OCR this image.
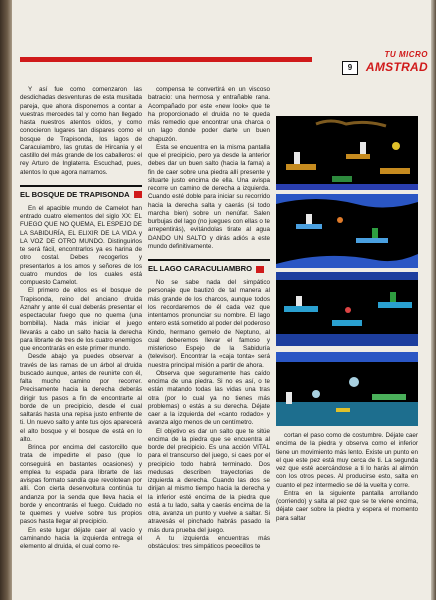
TU MICRO
9	AMSTRAD

Y así fue como comenzaron las desdichadas desventuras de esta musitada pareja, que ahora disponemos a contar a vuestras mercedes tal y como han llegado hasta nuestros atentos oídos, y como conocieron lugares tan dispares como el bosque de Trapisonda, los lagos de Caracuiambro, las grutas de Hircania y el castillo del más grande de los caballeros: el rey Arturo de Inglaterra. Escuchad, pues, atentos lo que agora narramos.

EL BOSQUE DE TRAPISONDA

En el apacible mundo de Camelot han entrado cuatro elementos del siglo XX: EL FUEGO QUE NO QUEMA, EL ESPEJO DE LA SABIDURÍA, EL ELIXIR DE LA VIDA y LA VOZ DE OTRO MUNDO. Distinguirlos te será fácil, encontrarlos ya es harina de otro costal. Debes recogerlos y presentarlos a los amos y señores de los cuatro mundos de los cuales está compuesto Camelot.

El primero de ellos es el bosque de Trapisonda, reino del anciano druida Aznahr y ante él cual deberás presentar el espectacular fuego que no quema (una bombilla). Nada más iniciar el juego llevarás a cabo un salto hacia la derecha para librarte de tres de los cuatro enemigos que encontrarás en este primer mundo.

Desde abajo ya puedes observar a través de las ramas de un árbol al druida buscado aunque, antes de reunirte con él, falta mucho camino por recorrer. Precisamente hacia la derecha deberás dirigir tus pasos a fin de encontrarte al borde de un precipicio, desde el cual saltarás hasta una repisa justo enfrente de ti. Un nuevo salto y ante tus ojos aparecerá el alto bosque y el bosque de está en lo alto.

Brinca por encima del castorcillo que trata de impedirte el paso (que lo conseguirá en bastantes ocasiones) y emplea tu espada para librarte de las avispas formato sandía que revolotean por allí. Con cierta desenvoltura continúa tu andanza por la senda que lleva hacia el borde y encontrarás el fuego. Cuidado no te quemes y vuelve sobre tus propios pasos hasta llegar al precipicio.

En este lugar déjate caer al vacío y caminando hacia la izquierda entrega el elemento al druida, el cual como re-

compensa te convertirá en un viscoso batracio: una hermosa y entrañable rana. Acompañado por este «new look» que te ha proporcionado el druida no te queda más remedio que encontrar una charca o un lago donde poder darte un buen chapuzón.

Esta se encuentra en la misma pantalla que el precipicio, pero ya desde la anterior debes dar un buen salto (hacia la fama) a fin de caer sobre una piedra allí presente y situarte justo encima de ella. Una avispa recorre un camino de derecha a izquierda. Cuando esté doble para iniciar su recorrido hacia la derecha salta y caerás (si todo marcha bien) sobre un nenúfar. Salen burbujas del lago (no juegues con ellas o te arrepentirás), evitándolas tirate al agua DANDO UN SALTO y dirás adiós a este mundo definitivamente.

EL LAGO CARACULIAMBRO

No se sabe nada del simpático personaje que bautizó de tal manera al más grande de los charcos, aunque todos los recordaremos de él cada vez que intentamos pronunciar su nombre. El lago entero está sometido al poder del poderoso Kindo, hermano gemelo de Neptuno, al cual deberemos llevar el famoso y misterioso Espejo de la Sabiduría (televisor). Encontrar la «caja tonta» será nuestra principal misión a partir de ahora.

Observa que seguramente has caído encima de una piedra. Si no es así, o te están matando todas las vidas una tras otra (por lo cual ya no tienes más problemas) o estás a su derecha. Déjate caer a la izquierda del «canto rodado» y avanza algo menos de un centímetro.

El objetivo es dar un salto que te sitúe encima de la piedra que se encuentra al borde del precipicio. Es una acción VITAL para el transcurso del juego, si caes por el precipicio todo habrá terminado. Dos medusas describen trayectorias de izquierda a derecha. Cuando las dos se dirijan al mismo tiempo hacia la derecha y la inferior esté encima de la piedra que está a tu lado, salta y caerás encima de la otra, avanza un punto y vuelve a saltar. Si atravesás el pinchado habrás pasado la más dura prueba del juego.

A tu izquierda encuentras más obstáculos: tres simpáticos peoecillos te

cortan el paso como de costumbre. Déjate caer encima de la piedra y observa como el inferior tiene un movimiento más lento. Existe un punto en el que este pez está muy cerca de ti. La segunda vez que esté acercándose a ti lo harás al alimón con los otros peces. Al producirse esto, salta en cuanto el pez intermedio se dé la vuelta y corre.

Entra en la siguiente pantalla arrollando (corriendo) y salta al pez que se te viene encima, déjate caer sobre la piedra y espera el momento para saltar
